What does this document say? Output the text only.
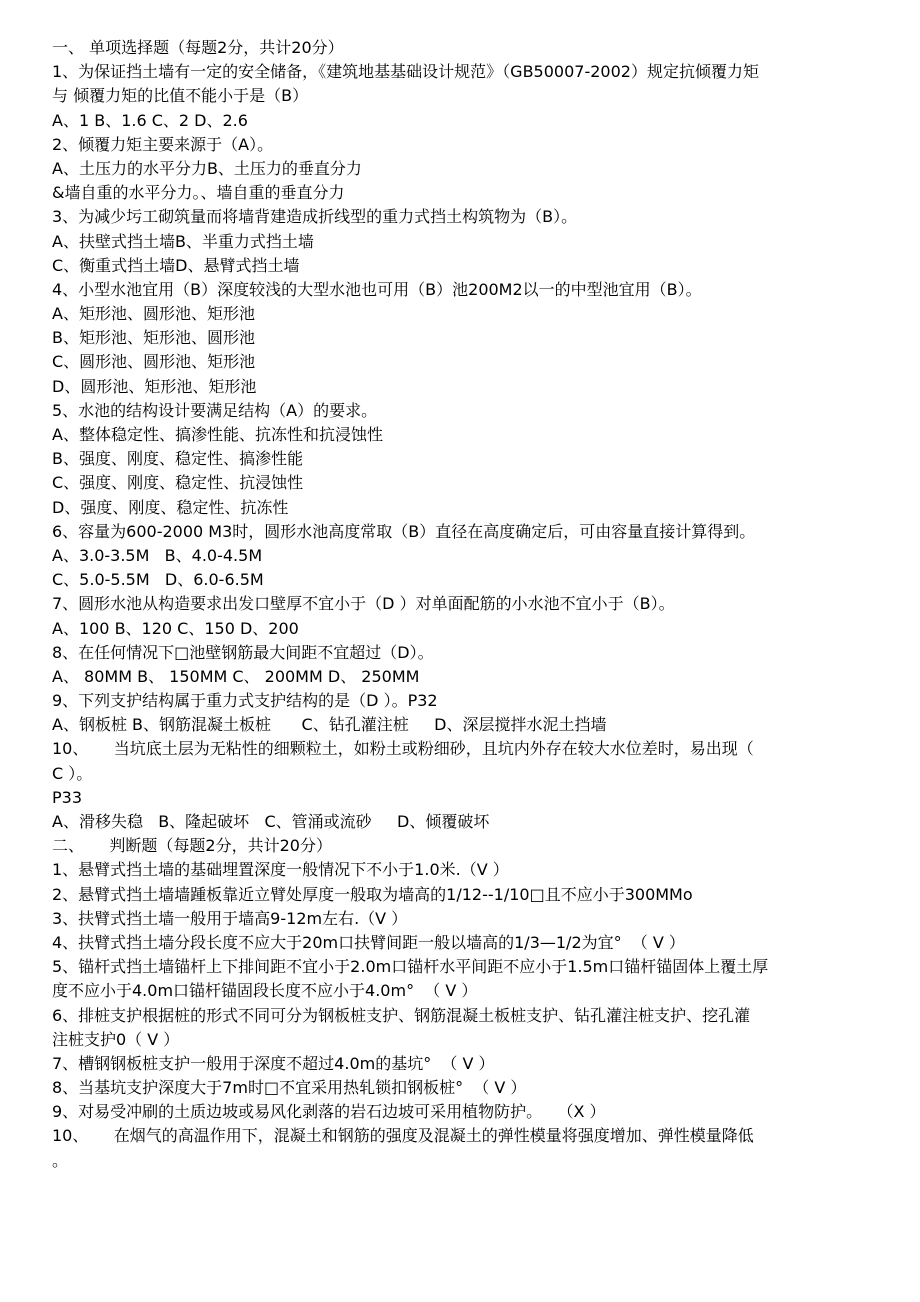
一、 单项选择题（每题2分，共计20分）
1、为保证挡土墙有一定的安全储备，《建筑地基基础设计规范》（GB50007-2002）规定抗倾覆力矩
与 倾覆力矩的比值不能小于是（B）
A、1 B、1.6 C、2 D、2.6
2、倾覆力矩主要来源于（A）。
A、土压力的水平分力B、土压力的垂直分力
&墙自重的水平分力。、墙自重的垂直分力
3、为减少圬工砌筑量而将墙背建造成折线型的重力式挡土构筑物为（B）。
A、扶壁式挡土墙B、半重力式挡土墙
C、衡重式挡土墙D、悬臂式挡土墙
4、小型水池宜用（B）深度较浅的大型水池也可用（B）池200M2以一的中型池宜用（B）。
A、矩形池、圆形池、矩形池
B、矩形池、矩形池、圆形池
C、圆形池、圆形池、矩形池
D、圆形池、矩形池、矩形池
5、水池的结构设计要满足结构（A）的要求。
A、整体稳定性、搞渗性能、抗冻性和抗浸蚀性
B、强度、刚度、稳定性、搞渗性能
C、强度、刚度、稳定性、抗浸蚀性
D、强度、刚度、稳定性、抗冻性
6、容量为600-2000 M3时，圆形水池高度常取（B）直径在高度确定后，可由容量直接计算得到。
A、3.0-3.5M   B、4.0-4.5M
C、5.0-5.5M   D、6.0-6.5M
7、圆形水池从构造要求出发口壁厚不宜小于（D ）对单面配筋的小水池不宜小于（B）。
A、100 B、120 C、150 D、200
8、在任何情况下□池壁钢筋最大间距不宜超过（D）。
A、 80MM B、 150MM C、 200MM D、 250MM
9、下列支护结构属于重力式支护结构的是（D ）。P32
A、钢板桩 B、钢筋混凝土板桩      C、钻孔灌注桩     D、深层搅拌水泥土挡墙
10、     当坑底土层为无粘性的细颗粒土，如粉土或粉细砂，且坑内外存在较大水位差时，易出现（
C ）。
P33
A、滑移失稳   B、隆起破坏   C、管涌或流砂     D、倾覆破坏
二、     判断题（每题2分，共计20分）
1、悬臂式挡土墙的基础埋置深度一般情况下不小于1.0米.（V ）
2、悬臂式挡土墙墙踵板靠近立臂处厚度一般取为墙高的1/12--1/10□且不应小于300MMo
3、扶臂式挡土墙一般用于墙高9-12m左右.（V ）
4、扶臂式挡土墙分段长度不应大于20m口扶臂间距一般以墙高的1/3—1/2为宜°  （ V ）
5、锚杆式挡土墙锚杆上下排间距不宜小于2.0m口锚杆水平间距不应小于1.5m口锚杆锚固体上覆土厚
度不应小于4.0m口锚杆锚固段长度不应小于4.0m°  （ V ）
6、排桩支护根据桩的形式不同可分为钢板桩支护、钢筋混凝土板桩支护、钻孔灌注桩支护、挖孔灌
注桩支护0（ V ）
7、槽钢钢板桩支护一般用于深度不超过4.0m的基坑°  （ V ）
8、当基坑支护深度大于7m时□不宜采用热轧锁扣钢板桩°  （ V ）
9、对易受冲刷的土质边坡或易风化剥落的岩石边坡可采用植物防护。   （X ）
10、     在烟气的高温作用下，混凝土和钢筋的强度及混凝土的弹性模量将强度增加、弹性模量降低
。
